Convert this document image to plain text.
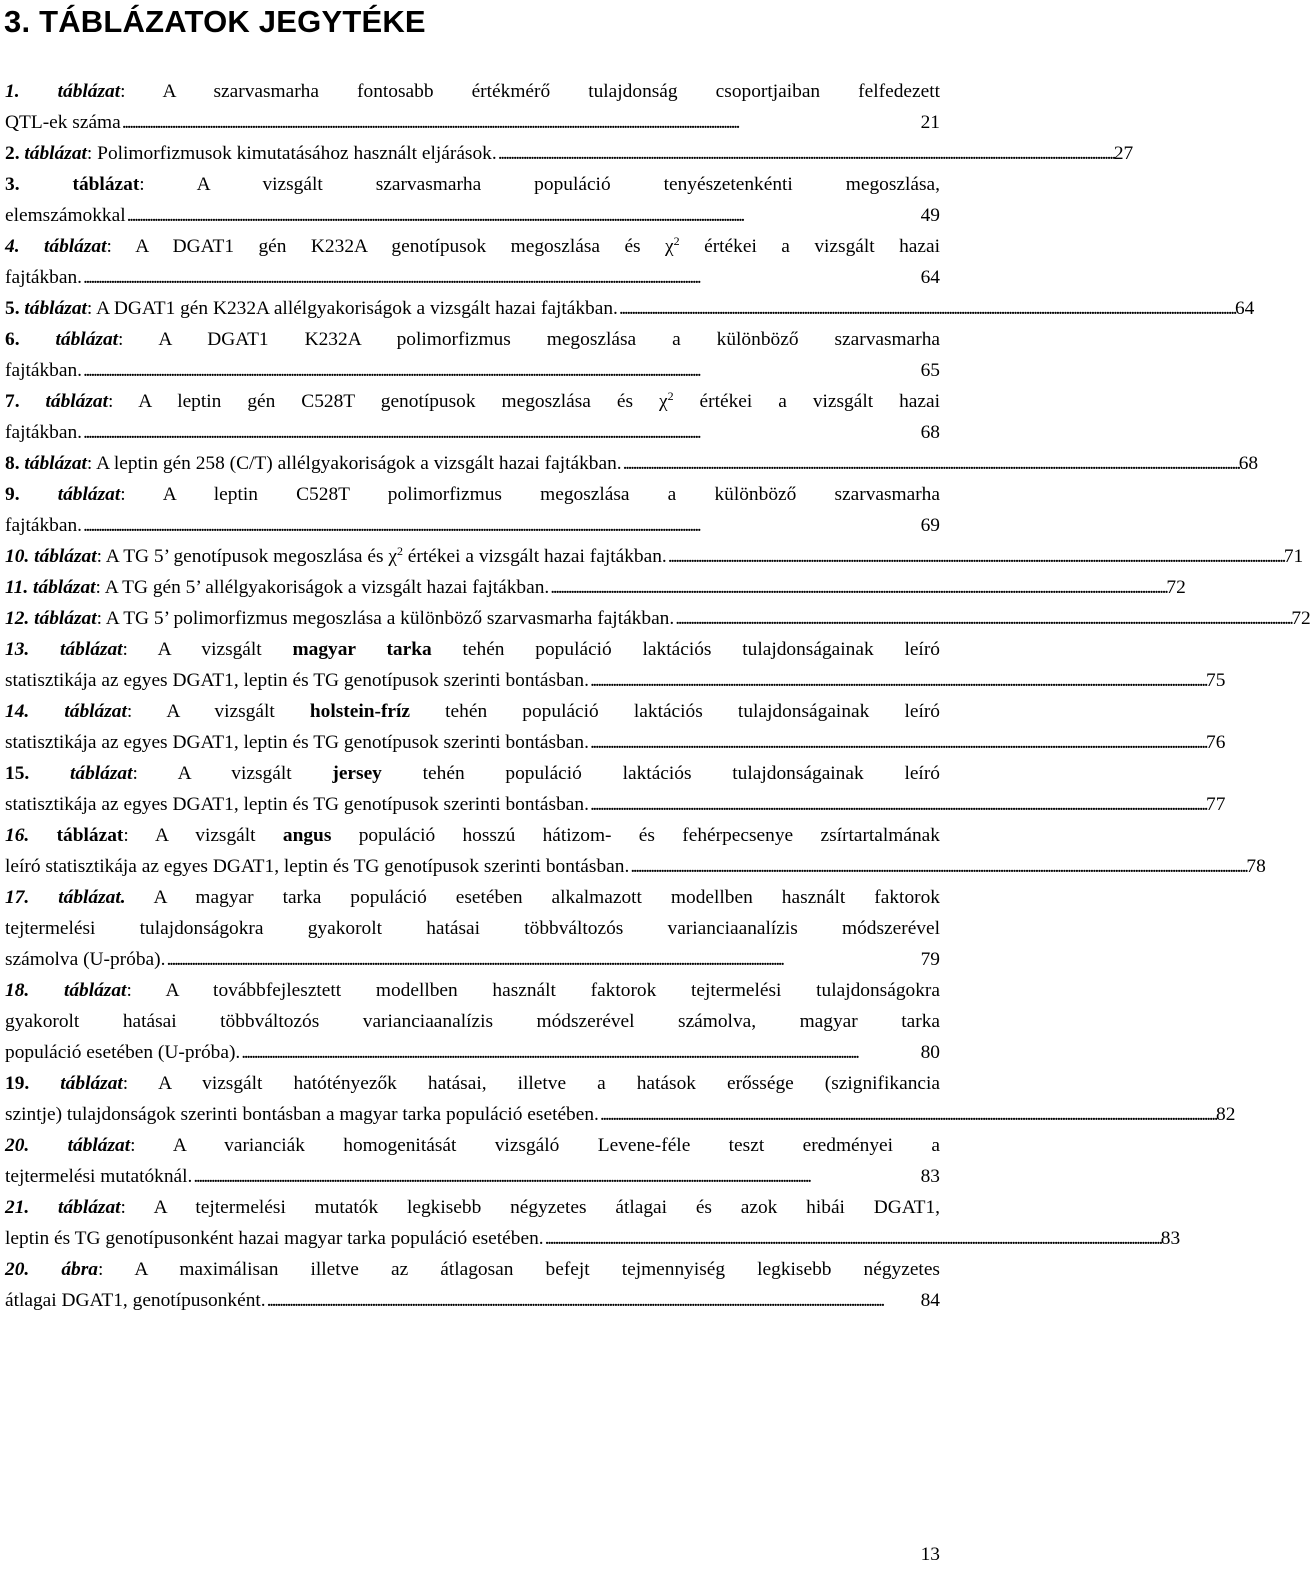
3. TÁBLÁZATOK JEGYTÉKE
1. táblázat: A szarvasmarha fontosabb értékmérő tulajdonság csoportjaiban felfedezett
QTL-ek száma . . .	21
2. táblázat: Polimorfizmusok kimutatásához használt eljárások. . . .	27
3.	táblázat: A vizsgált szarvasmarha populáció tenyészetenkénti megoszlása,
elemszámokkal . . .	49
4. táblázat: A DGAT1 gén K232A genotípusok megoszlása és $\chi^2$ értékei a vizsgált hazai
fajtákban. . . .	64
5. táblázat: A DGAT1 gén K232A allélgyakoriságok a vizsgált hazai fajtákban. . . .	64
6. táblázat: A DGAT1 K232A polimorfizmus megoszlása a különböző szarvasmarha
fajtákban. . . .	65
7. táblázat: A leptin gén C528T genotípusok megoszlása és $\chi^2$ értékei a vizsgált hazai
fajtákban. . . .	68
8. táblázat: A leptin gén 258 (C/T) allélgyakoriságok a vizsgált hazai fajtákban. . . .	68
9. táblázat: A leptin C528T polimorfizmus megoszlása a különböző szarvasmarha
fajtákban. . . .	69
10. táblázat: A TG 5’ genotípusok megoszlása és $\chi^2$ értékei a vizsgált hazai fajtákban. . . .	71
11. táblázat: A TG gén 5’ allélgyakoriságok a vizsgált hazai fajtákban. . . .	72
12. táblázat: A TG 5’ polimorfizmus megoszlása a különböző szarvasmarha fajtákban. . . .	72
13. táblázat: A vizsgált magyar tarka tehén populáció laktációs tulajdonságainak leíró
statisztikája az egyes DGAT1, leptin és TG genotípusok szerinti bontásban. . . .	75
14. táblázat: A vizsgált holstein-fríz tehén populáció laktációs tulajdonságainak leíró
statisztikája az egyes DGAT1, leptin és TG genotípusok szerinti bontásban. . . .	76
15. táblázat: A vizsgált jersey tehén populáció laktációs tulajdonságainak leíró
statisztikája az egyes DGAT1, leptin és TG genotípusok szerinti bontásban. . . .	77
16. táblázat: A vizsgált angus populáció hosszú hátizom- és fehérpecsenye zsírtartalmának
leíró statisztikája az egyes DGAT1, leptin és TG genotípusok szerinti bontásban. . . .	78
17. táblázat. A magyar tarka populáció esetében alkalmazott modellben használt faktorok
tejtermelési tulajdonságokra gyakorolt hatásai többváltozós varianciaanalízis módszerével
számolva (U-próba). . . .	79
18. táblázat: A továbbfejlesztett modellben használt faktorok tejtermelési tulajdonságokra
gyakorolt hatásai többváltozós varianciaanalízis módszerével számolva, magyar tarka
populáció esetében (U-próba). . . .	80
19. táblázat: A vizsgált hatótényezők hatásai, illetve a hatások erőssége (szignifikancia
szintje) tulajdonságok szerinti bontásban a magyar tarka populáció esetében. . . .	82
20. táblázat: A varianciák homogenitását vizsgáló Levene-féle teszt eredményei a
tejtermelési mutatóknál. . . .	83
21. táblázat: A tejtermelési mutatók legkisebb négyzetes átlagai és azok hibái DGAT1,
leptin és TG genotípusonként hazai magyar tarka populáció esetében. . . .	83
20. ábra: A maximálisan illetve az átlagosan befejt tejmennyiség legkisebb négyzetes
átlagai DGAT1, genotípusonként. . . .	84
13
